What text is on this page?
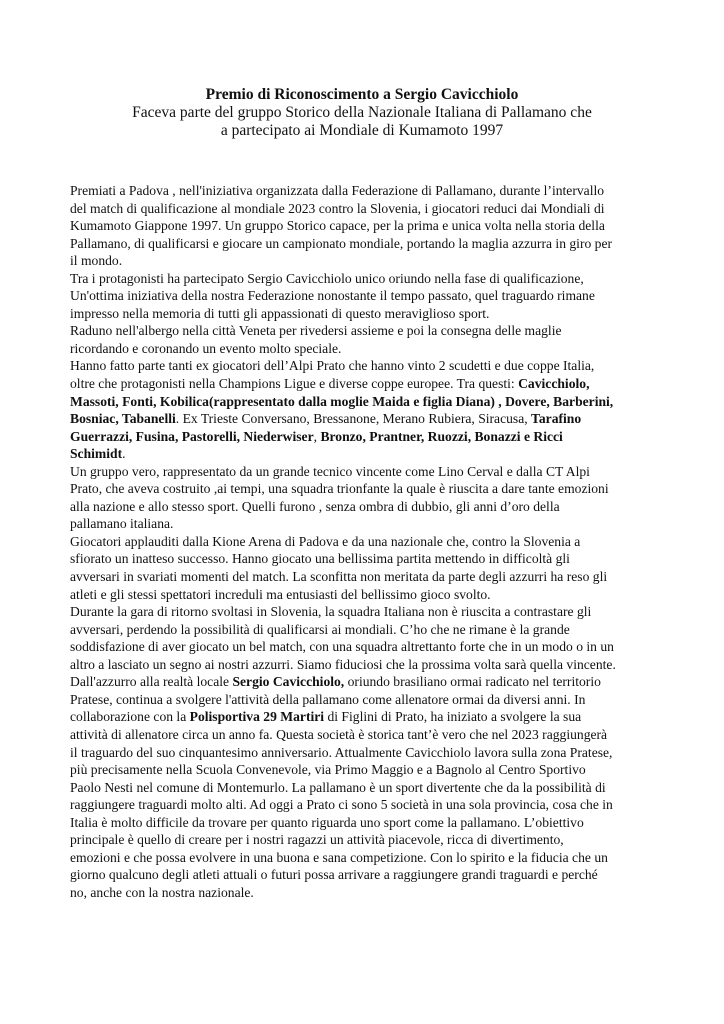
Premio di Riconoscimento a Sergio Cavicchiolo

Faceva parte del gruppo Storico della Nazionale Italiana di Pallamano che

a partecipato ai Mondiale di Kumamoto 1997

Premiati a Padova , nell'iniziativa organizzata dalla Federazione di Pallamano, durante l’intervallo
del match di qualificazione al mondiale 2023 contro la Slovenia, i giocatori reduci dai Mondiali di
Kumamoto Giappone 1997. Un gruppo Storico capace, per la prima e unica volta nella storia della
Pallamano, di qualificarsi e giocare un campionato mondiale, portando la maglia azzurra in giro per
il mondo.
Tra i protagonisti ha partecipato Sergio Cavicchiolo unico oriundo nella fase di qualificazione,
Un'ottima iniziativa della nostra Federazione nonostante il tempo passato, quel traguardo rimane
impresso nella memoria di tutti gli appassionati di questo meraviglioso sport.
Raduno nell'albergo nella città Veneta per rivedersi assieme e poi la consegna delle maglie
ricordando e coronando un evento molto speciale.
Hanno fatto parte tanti ex giocatori dell’Alpi Prato che hanno vinto 2 scudetti e due coppe Italia,
oltre che protagonisti nella Champions Ligue e diverse coppe europee. Tra questi: Cavicchiolo,
Massoti, Fonti, Kobilica(rappresentato dalla moglie Maida e figlia Diana) , Dovere, Barberini,
Bosniac, Tabanelli. Ex Trieste Conversano, Bressanone, Merano Rubiera, Siracusa, Tarafino
Guerrazzi, Fusina, Pastorelli, Niederwiser, Bronzo, Prantner, Ruozzi, Bonazzi e Ricci
Schimidt.
Un gruppo vero, rappresentato da un grande tecnico vincente come Lino Cerval e dalla CT Alpi
Prato, che aveva costruito ,ai tempi, una squadra trionfante la quale è riuscita a dare tante emozioni
alla nazione e allo stesso sport. Quelli furono , senza ombra di dubbio, gli anni d’oro della
pallamano italiana.
Giocatori applauditi dalla Kione Arena di Padova e da una nazionale che, contro la Slovenia a
sfiorato un inatteso successo. Hanno giocato una bellissima partita mettendo in difficoltà gli
avversari in svariati momenti del match. La sconfitta non meritata da parte degli azzurri ha reso gli
atleti e gli stessi spettatori increduli ma entusiasti del bellissimo gioco svolto.
Durante la gara di ritorno svoltasi in Slovenia, la squadra Italiana non è riuscita a contrastare gli
avversari, perdendo la possibilità di qualificarsi ai mondiali. C’ho che ne rimane è la grande
soddisfazione di aver giocato un bel match, con una squadra altrettanto forte che in un modo o in un
altro a lasciato un segno ai nostri azzurri. Siamo fiduciosi che la prossima volta sarà quella vincente.
Dall'azzurro alla realtà locale Sergio Cavicchiolo, oriundo brasiliano ormai radicato nel territorio
Pratese, continua a svolgere l'attività della pallamano come allenatore ormai da diversi anni. In
collaborazione con la Polisportiva 29 Martiri di Figlini di Prato, ha iniziato a svolgere la sua
attività di allenatore circa un anno fa. Questa società è storica tant’è vero che nel 2023 raggiungerà
il traguardo del suo cinquantesimo anniversario. Attualmente Cavicchiolo lavora sulla zona Pratese,
più precisamente nella Scuola Convenevole, via Primo Maggio e a Bagnolo al Centro Sportivo
Paolo Nesti nel comune di Montemurlo. La pallamano è un sport divertente che da la possibilità di
raggiungere traguardi molto alti. Ad oggi a Prato ci sono 5 società in una sola provincia, cosa che in
Italia è molto difficile da trovare per quanto riguarda uno sport come la pallamano. L’obiettivo
principale è quello di creare per i nostri ragazzi un attività piacevole, ricca di divertimento,
emozioni e che possa evolvere in una buona e sana competizione. Con lo spirito e la fiducia che un
giorno qualcuno degli atleti attuali o futuri possa arrivare a raggiungere grandi traguardi e perché
no, anche con la nostra nazionale.
